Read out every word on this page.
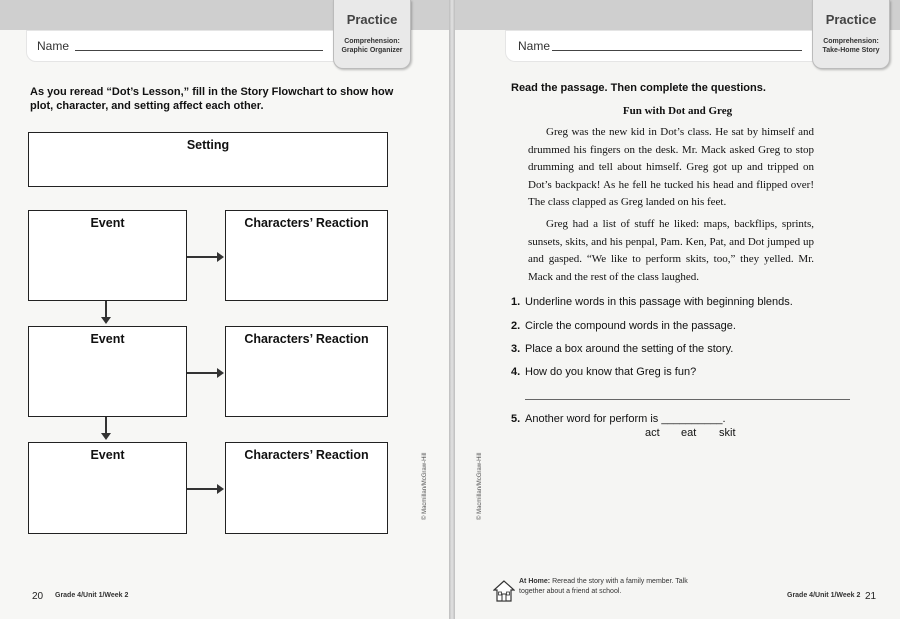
Name
Practice
Comprehension:
Graphic Organizer
As you reread “Dot’s Lesson,” fill in the Story Flowchart to show how
plot, character, and setting affect each other.
Setting
Event	Characters’ Reaction
Event	Characters’ Reaction
Event	Characters’ Reaction	© Macmillan/McGraw-Hill
20 Grade 4/Unit 1/Week 2
Name
Practice
Comprehension:
Take-Home Story
Read the passage. Then complete the questions.
Fun with Dot and Greg
Greg was the new kid in Dot’s class. He sat by himself and drummed his fingers on the desk. Mr. Mack asked Greg to stop drumming and tell about himself. Greg got up and tripped on Dot’s backpack! As he fell he tucked his head and flipped over! The class clapped as Greg landed on his feet.
Greg had a list of stuff he liked: maps, backflips, sprints, sunsets, skits, and his penpal, Pam. Ken, Pat, and Dot jumped up and gasped. “We like to perform skits, too,” they yelled. Mr. Mack and the rest of the class laughed.
1. Underline words in this passage with beginning blends.
2. Circle the compound words in the passage.
3. Place a box around the setting of the story.
4. How do you know that Greg is fun?
5. Another word for perform is __________.
act eat skit
© Macmillan/McGraw-Hill
At Home: Reread the story with a family member. Talk
together about a friend at school.
Grade 4/Unit 1/Week 2 21
